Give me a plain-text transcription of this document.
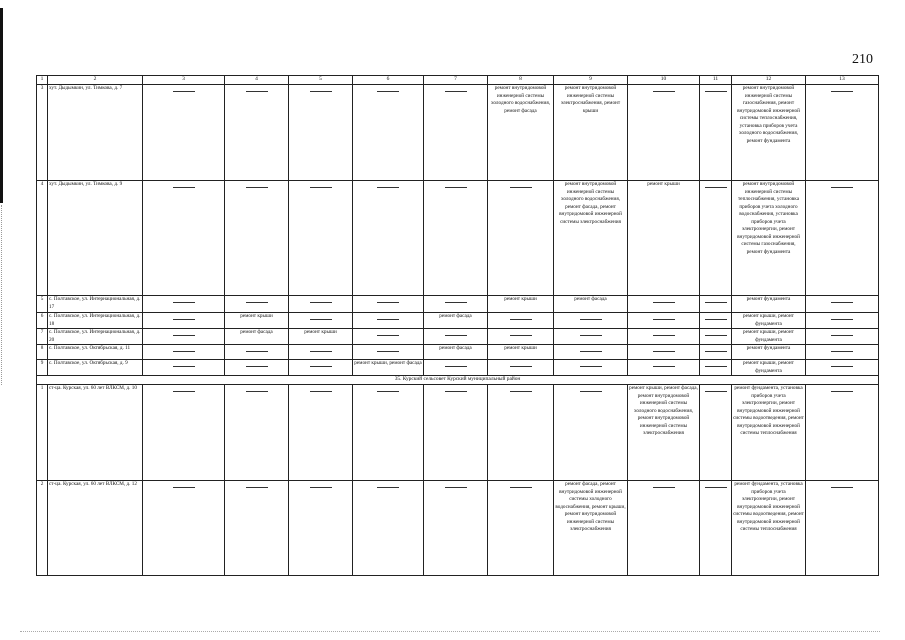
210
1	2	3	4	5	6	7	8	9	10	11	12	13
3	хут. Дыдымкин, ул. Тимкова, д. 7						ремонт внутридомовой инженерной системы холодного водоснабжения, ремонт фасада	ремонт внутридомовой инженерной системы электроснабжения, ремонт крыши			ремонт внутридомовой инженерной системы газоснабжения, ремонт внутридомовой инженерной системы теплоснабжения, установка приборов учета холодного водоснабжения, ремонт фундамента	

4	хут. Дыдымкин, ул. Тимкова, д. 9							ремонт внутридомовой инженерной системы холодного водоснабжения, ремонт фасада, ремонт внутридомовой инженерной системы электроснабжения	ремонт крыши		ремонт внутридомовой инженерной системы теплоснабжения, установка приборов учета холодного водоснабжения, установка приборов учета электроэнергии, ремонт внутридомовой инженерной системы газоснабжения, ремонт фундамента	

5	с. Полтавское, ул. Интернациональная, д. 17						ремонт крыши	ремонт фасада			ремонт фундамента	

6	с. Полтавское, ул. Интернациональная, д. 18		ремонт крыши			ремонт фасада					ремонт крыши, ремонт фундамента	

7	с. Полтавское, ул. Интернациональная, д. 20		ремонт фасада	ремонт крыши							ремонт крыши, ремонт фундамента	

8	с. Полтавское, ул. Октябрьская, д. 11					ремонт фасада	ремонт крыши				ремонт фундамента	

9	с. Полтавское, ул. Октябрьская, д. 9				ремонт крыши, ремонт фасада						ремонт крыши, ремонт фундамента	

35. Курский сельсовет Курский муниципальный район												
1	ст-ца. Курская, ул. 60 лет ВЛКСМ, д. 10								ремонт крыши, ремонт фасада, ремонт внутридомовой инженерной системы холодного водоснабжения, ремонт внутридомовой инженерной системы электроснабжения		ремонт фундамента, установка приборов учета электроэнергии, ремонт внутридомовой инженерной системы водоотведения, ремонт внутридомовой инженерной системы теплоснабжения	

2	ст-ца. Курская, ул. 60 лет ВЛКСМ, д. 12							ремонт фасада, ремонт внутридомовой инженерной системы холодного водоснабжения, ремонт крыши, ремонт внутридомовой инженерной системы электроснабжения			ремонт фундамента, установка приборов учета электроэнергии, ремонт внутридомовой инженерной системы водоотведения, ремонт внутридомовой инженерной системы теплоснабжения	
